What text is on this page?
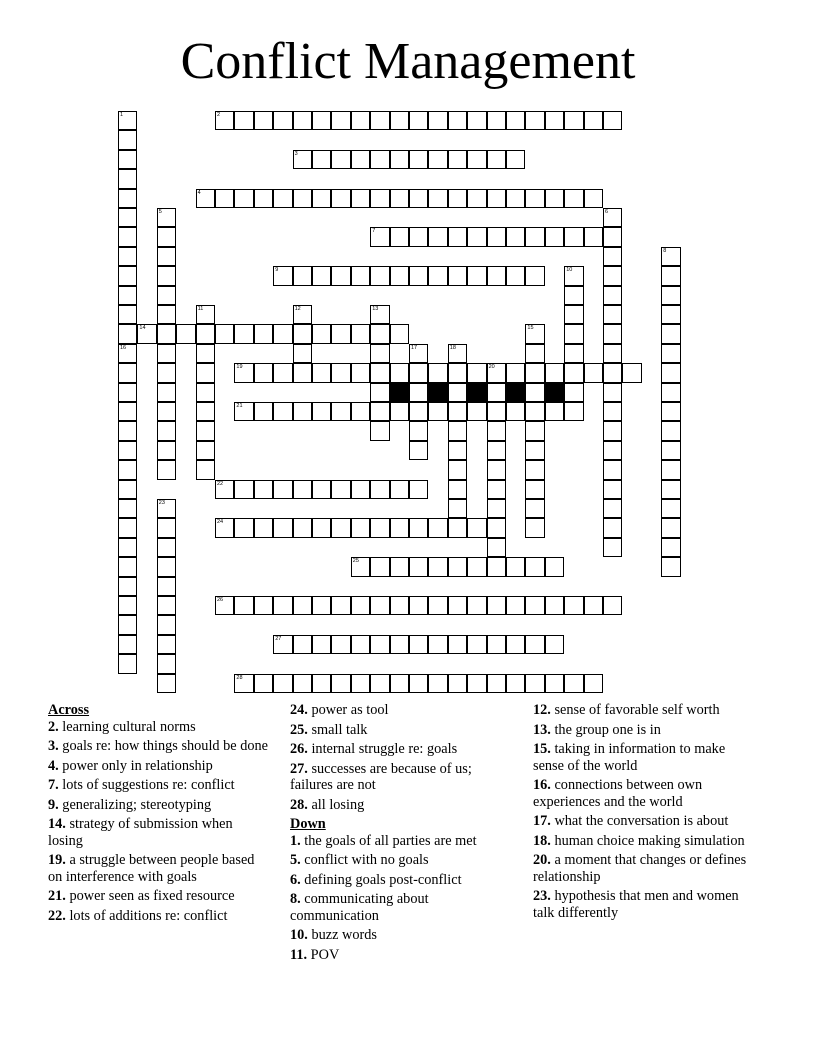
Conflict Management
1
16
2
3
4
5	6
7
8
9	10
11	12	13
14	15
17	18
19	20
21
22
23
24
25
26
27
28

Across

2. learning cultural norms

3. goals re: how things should be done

4. power only in relationship

7. lots of suggestions re: conflict

9. generalizing; stereotyping

14. strategy of submission when losing

19. a struggle between people based on interference with goals

21. power seen as fixed resource

22. lots of additions re: conflict

24. power as tool

25. small talk

26. internal struggle re: goals

27. successes are because of us; failures are not

28. all losing

Down

1. the goals of all parties are met

5. conflict with no goals

6. defining goals post-conflict

8. communicating about communication

10. buzz words

11. POV

12. sense of favorable self worth

13. the group one is in

15. taking in information to make sense of the world

16. connections between own experiences and the world

17. what the conversation is about

18. human choice making simulation

20. a moment that changes or defines relationship

23. hypothesis that men and women talk differently
